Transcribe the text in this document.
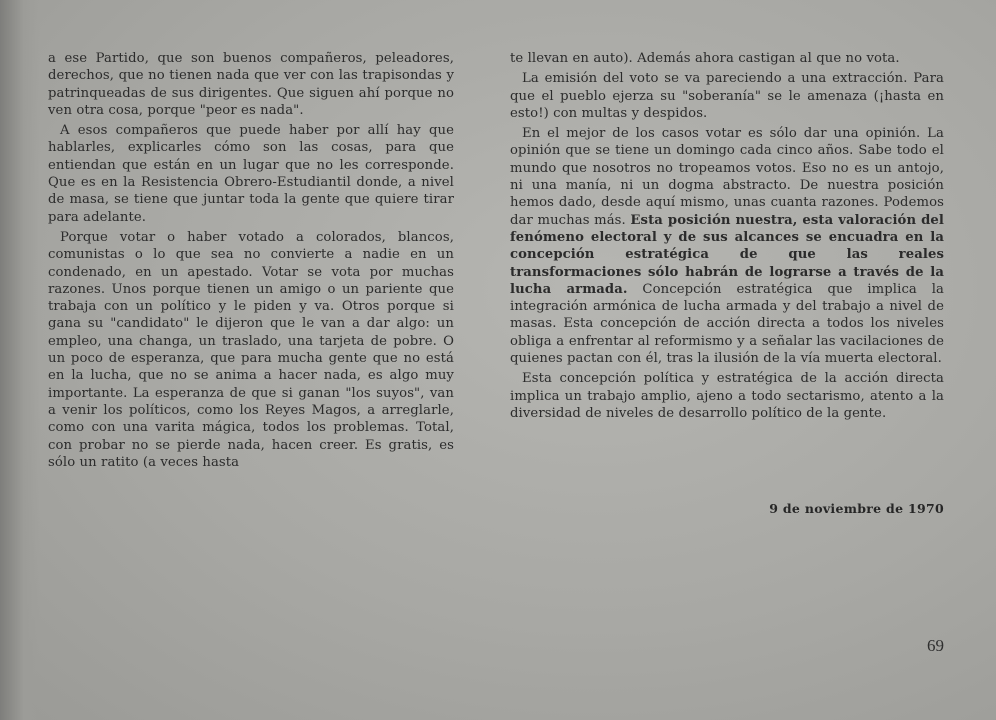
a ese Partido, que son buenos compañeros, peleadores, derechos, que no tienen nada que ver con las trapisondas y patrinqueadas de sus dirigentes. Que siguen ahí porque no ven otra cosa, porque "peor es nada".

A esos compañeros que puede haber por allí hay que hablarles, explicarles cómo son las cosas, para que entiendan que están en un lugar que no les corresponde. Que es en la Resistencia Obrero-Estudiantil donde, a nivel de masa, se tiene que juntar toda la gente que quiere tirar para adelante.

Porque votar o haber votado a colorados, blancos, comunistas o lo que sea no convierte a nadie en un condenado, en un apestado. Votar se vota por muchas razones. Unos porque tienen un amigo o un pariente que trabaja con un político y le piden y va. Otros porque si gana su "candidato" le dijeron que le van a dar algo: un empleo, una changa, un traslado, una tarjeta de pobre. O un poco de esperanza, que para mucha gente que no está en la lucha, que no se anima a hacer nada, es algo muy importante. La esperanza de que si ganan "los suyos", van a venir los políticos, como los Reyes Magos, a arreglarle, como con una varita mágica, todos los problemas. Total, con probar no se pierde nada, hacen creer. Es gratis, es sólo un ratito (a veces hasta

te llevan en auto). Además ahora castigan al que no vota.

La emisión del voto se va pareciendo a una extracción. Para que el pueblo ejerza su "soberanía" se le amenaza (¡hasta en esto!) con multas y despidos.

En el mejor de los casos votar es sólo dar una opinión. La opinión que se tiene un domingo cada cinco años. Sabe todo el mundo que nosotros no tropeamos votos. Eso no es un antojo, ni una manía, ni un dogma abstracto. De nuestra posición hemos dado, desde aquí mismo, unas cuanta razones. Podemos dar muchas más. Esta posición nuestra, esta valoración del fenómeno electoral y de sus alcances se encuadra en la concepción estratégica de que las reales transformaciones sólo habrán de lograrse a través de la lucha armada. Concepción estratégica que implica la integración armónica de lucha armada y del trabajo a nivel de masas. Esta concepción de acción directa a todos los niveles obliga a enfrentar al reformismo y a señalar las vacilaciones de quienes pactan con él, tras la ilusión de la vía muerta electoral.

Esta concepción política y estratégica de la acción directa implica un trabajo amplio, ajeno a todo sectarismo, atento a la diversidad de niveles de desarrollo político de la gente.

9 de noviembre de 1970
69
